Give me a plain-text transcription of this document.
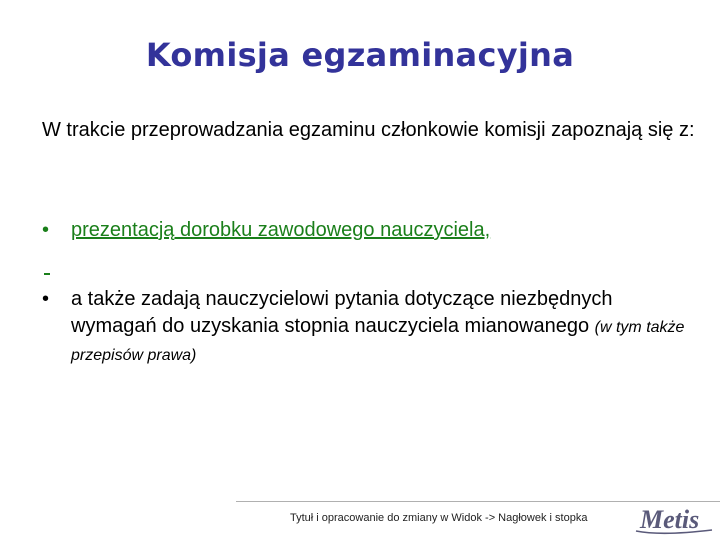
Komisja egzaminacyjna
W trakcie przeprowadzania egzaminu członkowie komisji zapoznają się z:
•	prezentacją dorobku zawodowego nauczyciela,
•	a także zadają nauczycielowi pytania dotyczące niezbędnych wymagań do uzyskania stopnia nauczyciela mianowanego (w tym także przepisów prawa)
Tytuł i opracowanie do zmiany w Widok -> Nagłowek i stopka Metis
